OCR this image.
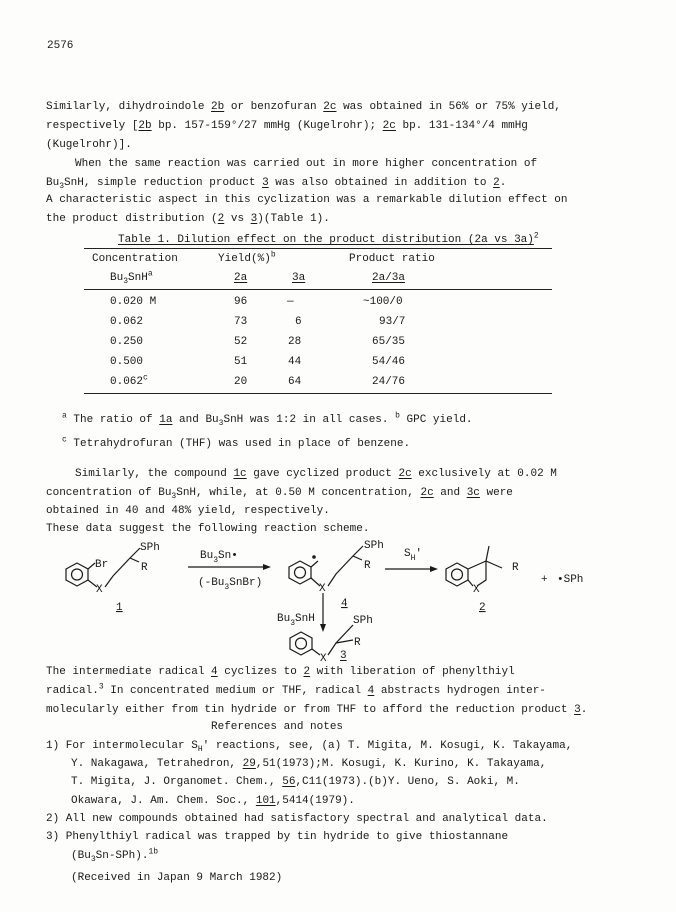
2576

Similarly, dihydroindole 2b or benzofuran 2c was obtained in 56% or 75% yield,

respectively [2b bp. 157-159°/27 mmHg (Kugelrohr); 2c bp. 131-134°/4 mmHg

(Kugelrohr)].

When the same reaction was carried out in more higher concentration of

$Bu_3SnH$, simple reduction product 3 was also obtained in addition to 2.

A characteristic aspect in this cyclization was a remarkable dilution effect on

the product distribution (2 vs 3)(Table 1).

Table 1. Dilution effect on the product distribution (2a vs 3a)$^2$

Concentration	Yield(%)$^b$	Product ratio
$Bu_3SnH^a$	2a	3a	2a/3a
0.020 M	96	—	~100/0
0.062	73	6	93/7
0.250	52	28	65/35
0.500	51	44	54/46
0.062$^c$	20	64	24/76

$^a$ The ratio of 1a and $Bu_3SnH$ was 1:2 in all cases. $^b$ GPC yield.

$^c$ Tetrahydrofuran (THF) was used in place of benzene.

Similarly, the compound 1c gave cyclized product 2c exclusively at 0.02 M

concentration of $Bu_3SnH$, while, at 0.50 M concentration, 2c and 3c were

obtained in 40 and 48% yield, respectively.

These data suggest the following reaction scheme.

Br
X
SPh
R
1
$Bu_3Sn•$
$(-Bu_3SnBr)$	X
SPh
R
$S_H'$
X
R
+ •SPh
2
$Bu_3SnH$
4
X
SPh
R
3

The intermediate radical 4 cyclizes to 2 with liberation of phenylthiyl

radical.$^3$ In concentrated medium or THF, radical 4 abstracts hydrogen inter-

molecularly either from tin hydride or from THF to afford the reduction product 3.

References and notes

1) For intermolecular $S_H'$ reactions, see, (a) T. Migita, M. Kosugi, K. Takayama,

Y. Nakagawa, Tetrahedron, 29,51(1973);M. Kosugi, K. Kurino, K. Takayama,

T. Migita, J. Organomet. Chem., 56,C11(1973).(b)Y. Ueno, S. Aoki, M.

Okawara, J. Am. Chem. Soc., 101,5414(1979).

2) All new compounds obtained had satisfactory spectral and analytical data.

3) Phenylthiyl radical was trapped by tin hydride to give thiostannane

$(Bu_3Sn-SPh).^{1b}$

(Received in Japan 9 March 1982)
